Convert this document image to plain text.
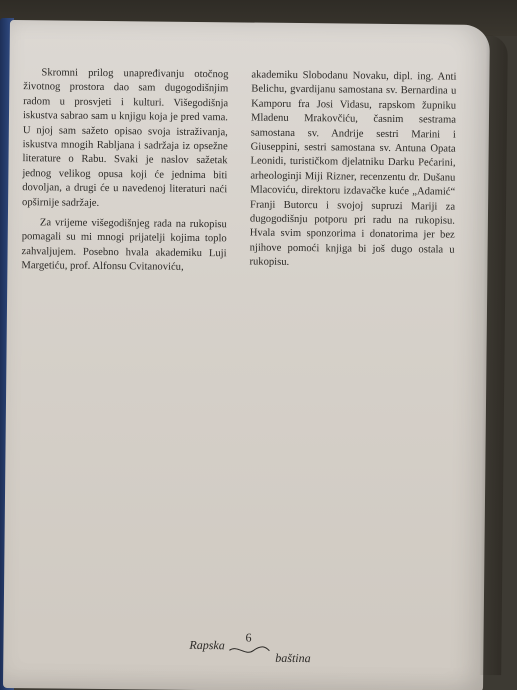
Skromni prilog unapređivanju otočnog životnog prostora dao sam dugogodišnjim radom u prosvjeti i kulturi. Višegodišnja iskustva sabrao sam u knjigu koja je pred vama. U njoj sam sažeto opisao svoja istraživanja, iskustva mnogih Rabljana i sadržaja iz opsežne literature o Rabu. Svaki je naslov sažetak jednog velikog opusa koji će jednima biti dovoljan, a drugi će u navedenoj literaturi naći opširnije sadržaje.

Za vrijeme višegodišnjeg rada na rukopisu pomagali su mi mnogi prijatelji kojima toplo zahvaljujem. Posebno hvala akademiku Luji Margetiću, prof. Alfonsu Cvitanoviću,

akademiku Slobodanu Novaku, dipl. ing. Anti Belichu, gvardijanu samostana sv. Bernardina u Kamporu fra Josi Vidasu, rapskom župniku Mladenu Mrakovčiću, časnim sestrama samostana sv. Andrije sestri Marini i Giuseppini, sestri samostana sv. Antuna Opata Leonidi, turističkom djelatniku Darku Pećarini, arheologinji Miji Rizner, recenzentu dr. Dušanu Mlacoviću, direktoru izdavačke kuće „Adamić“ Franji Butorcu i svojoj supruzi Mariji za dugogodišnju potporu pri radu na rukopisu. Hvala svim sponzorima i donatorima jer bez njihove pomoći knjiga bi još dugo ostala u rukopisu.

Rapska
6
baština
